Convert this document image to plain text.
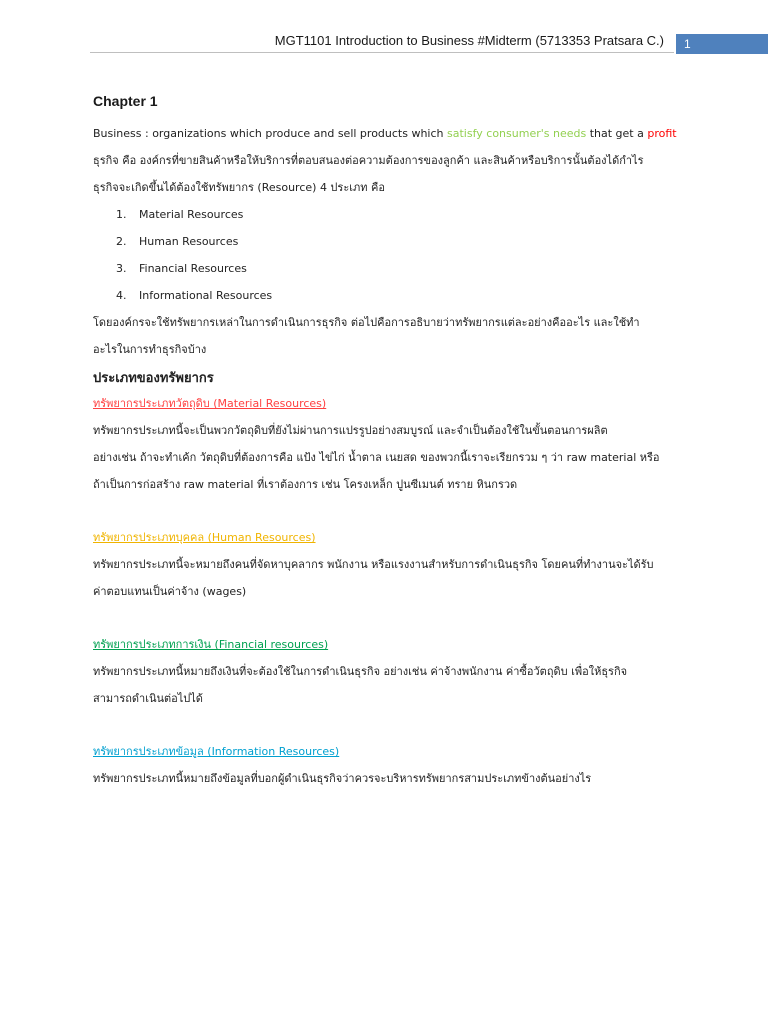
MGT1101 Introduction to Business #Midterm (5713353 Pratsara C.)	1
Chapter 1
Business : organizations which produce and sell products which satisfy consumer's needs that get a profit
ธุรกิจ คือ องค์กรที่ขายสินค้าหรือให้บริการที่ตอบสนองต่อความต้องการของลูกค้า และสินค้าหรือบริการนั้นต้องได้กำไร
ธุรกิจจะเกิดขึ้นได้ต้องใช้ทรัพยากร (Resource) 4 ประเภท คือ
1. Material Resources
2. Human Resources
3. Financial Resources
4. Informational Resources
โดยองค์กรจะใช้ทรัพยากรเหล่าในการดำเนินการธุรกิจ ต่อไปคือการอธิบายว่าทรัพยากรแต่ละอย่างคืออะไร และใช้ทำ
อะไรในการทำธุรกิจบ้าง
ประเภทของทรัพยากร
ทรัพยากรประเภทวัตถุดิบ (Material Resources)
ทรัพยากรประเภทนี้จะเป็นพวกวัตถุดิบที่ยังไม่ผ่านการแปรรูปอย่างสมบูรณ์ และจำเป็นต้องใช้ในขั้นตอนการผลิต
อย่างเช่น ถ้าจะทำเค้ก วัตถุดิบที่ต้องการคือ แป้ง ไข่ไก่ น้ำตาล เนยสด ของพวกนี้เราจะเรียกรวม ๆ ว่า raw material หรือ
ถ้าเป็นการก่อสร้าง raw material ที่เราต้องการ เช่น โครงเหล็ก ปูนซีเมนต์ ทราย หินกรวด
ทรัพยากรประเภทบุคคล (Human Resources)
ทรัพยากรประเภทนี้จะหมายถึงคนที่จัดหาบุคลากร พนักงาน หรือแรงงานสำหรับการดำเนินธุรกิจ โดยคนที่ทำงานจะได้รับ
ค่าตอบแทนเป็นค่าจ้าง (wages)
ทรัพยากรประเภทการเงิน (Financial resources)
ทรัพยากรประเภทนี้หมายถึงเงินที่จะต้องใช้ในการดำเนินธุรกิจ อย่างเช่น ค่าจ้างพนักงาน ค่าซื้อวัตถุดิบ เพื่อให้ธุรกิจ
สามารถดำเนินต่อไปได้
ทรัพยากรประเภทข้อมูล (Information Resources)
ทรัพยากรประเภทนี้หมายถึงข้อมูลที่บอกผู้ดำเนินธุรกิจว่าควรจะบริหารทรัพยากรสามประเภทข้างต้นอย่างไร
